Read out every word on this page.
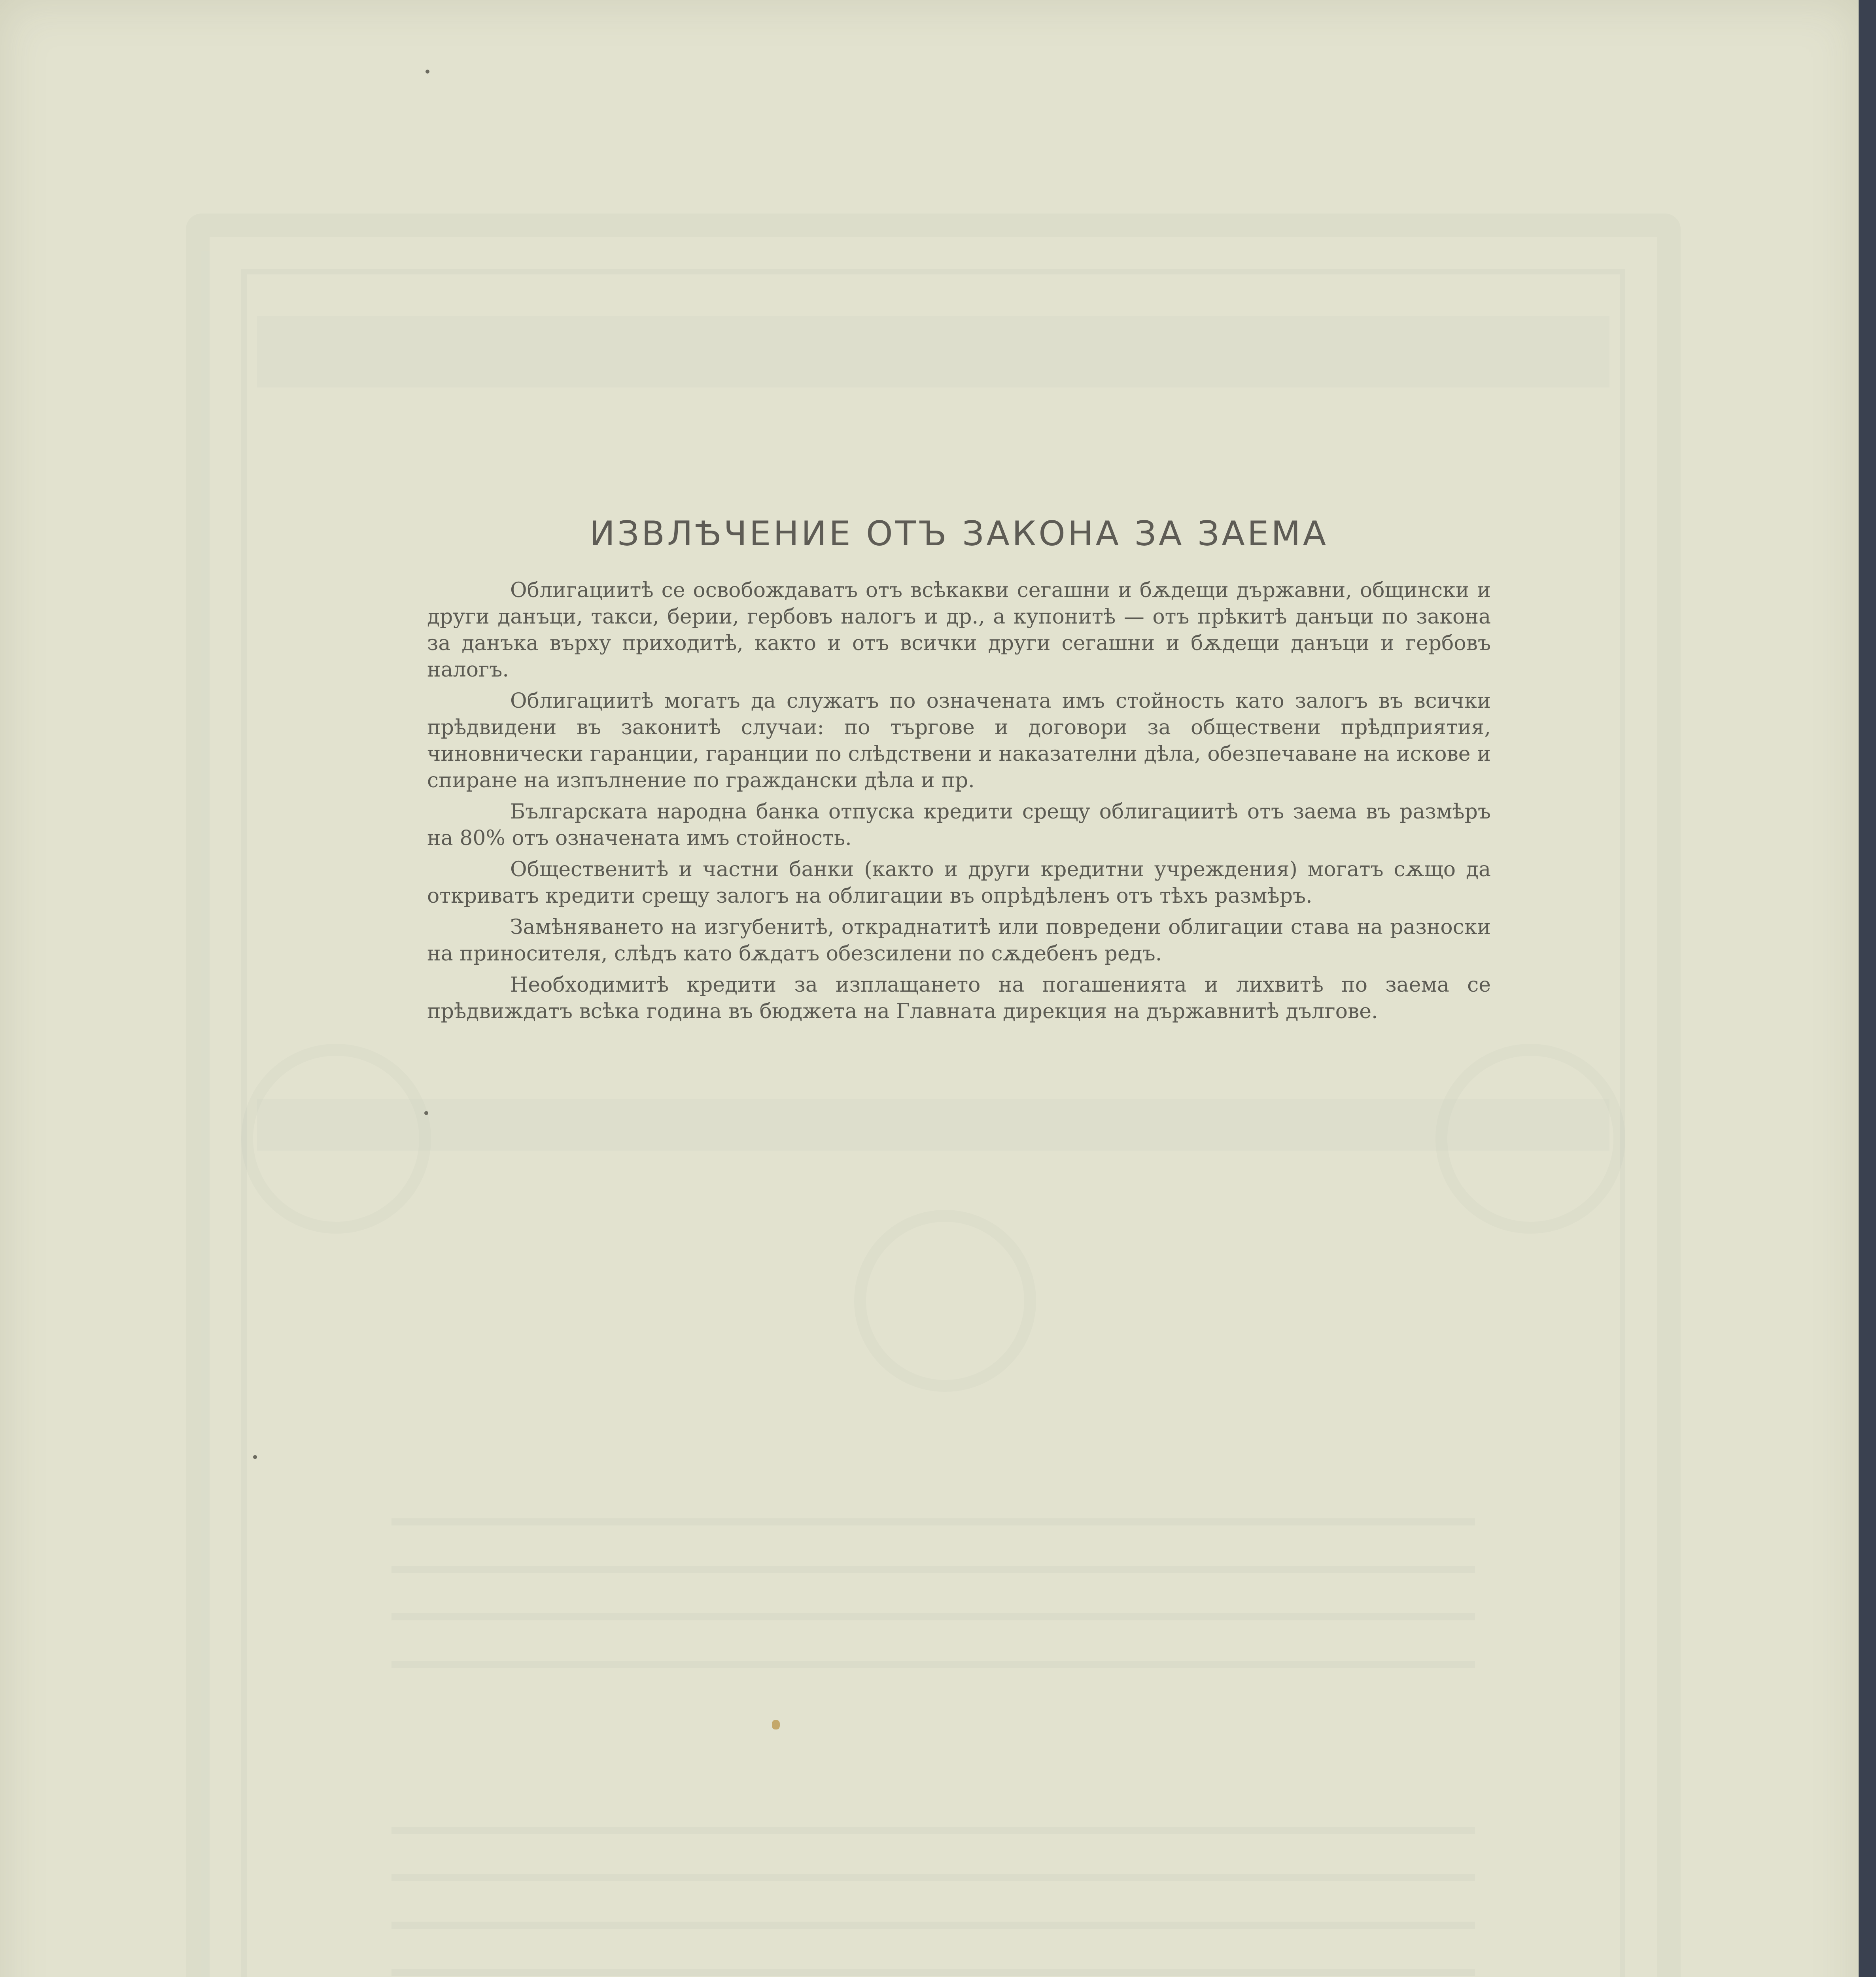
ИЗВЛѢЧЕНИЕ ОТЪ ЗАКОНА ЗА ЗАЕМА

Облигациитѣ се освобождаватъ отъ всѣкакви сегашни и бѫдещи държавни, общински и други данъци, такси, берии, гербовъ налогъ и др., а купонитѣ — отъ прѣкитѣ данъци по закона за данъка върху приходитѣ, както и отъ всички други сегашни и бѫдещи данъци и гербовъ налогъ.

Облигациитѣ могатъ да служатъ по означената имъ стойность като залогъ въ всички прѣдвидени въ законитѣ случаи: по търгове и договори за обществени прѣдприятия, чиновнически гаранции, гаранции по слѣдствени и наказателни дѣла, обезпечаване на искове и спиране на изпълнение по граждански дѣла и пр.

Българската народна банка отпуска кредити срещу облигациитѣ отъ заема въ размѣръ на 80% отъ означената имъ стойность.

Общественитѣ и частни банки (както и други кредитни учреждения) могатъ сѫщо да откриватъ кредити срещу залогъ на облигации въ опрѣдѣленъ отъ тѣхъ размѣръ.

Замѣняването на изгубенитѣ, откраднатитѣ или повредени облигации става на разноски на приносителя, слѣдъ като бѫдатъ обезсилени по сѫдебенъ редъ.

Необходимитѣ кредити за изплащането на погашенията и лихвитѣ по заема се прѣдвиждатъ всѣка година въ бюджета на Главната дирекция на държавнитѣ дългове.
